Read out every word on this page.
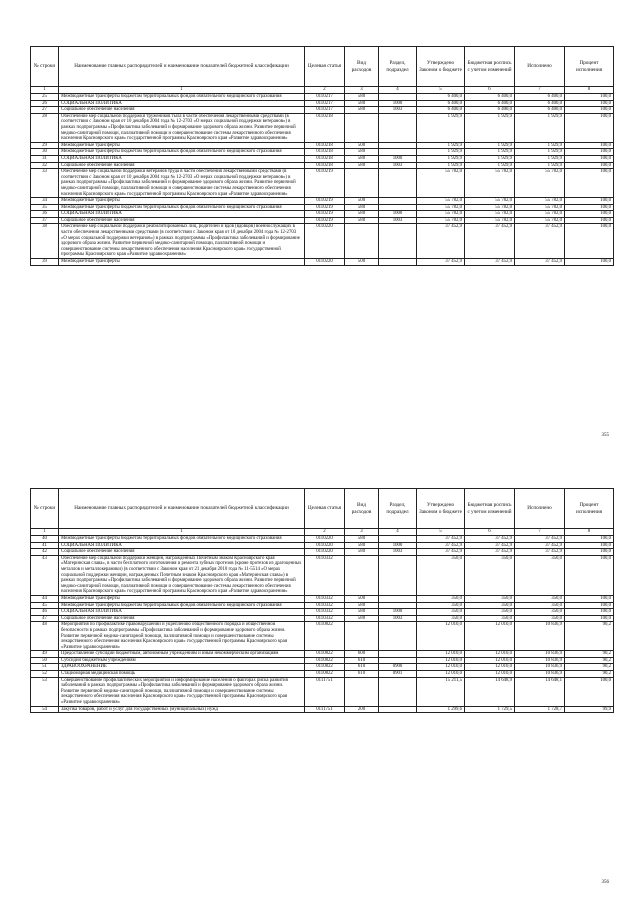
№ строки	Наименование главных распорядителей и наименование показателей бюджетной классификации	Целевая статья	Вид расходов	Раздел, подраздел	Утверждено Законом о бюджете	Бюджетная роспись с учетом изменений	Исполнено	Процент исполнения
1	1	2	3	4	5	6	7	8
25	Межбюджетные трансферты бюджетам территориальных фондов обязательного медицинского страхования	0110217	580		6 400,0	6 400,0	6 400,0	100,0
26	СОЦИАЛЬНАЯ ПОЛИТИКА	0110217	580	1000	6 400,0	6 400,0	6 400,0	100,0
27	Социальное обеспечение населения	0110217	580	1003	6 400,0	6 400,0	6 400,0	100,0
28	Обеспечение мер социальной поддержки тружеников тыла в части обеспечения лекарственными средствами (в соответствии с Законом края от 10 декабря 2004 года № 12-2703 «О мерах социальной поддержки ветеранов») в рамках подпрограммы «Профилактика заболеваний и формирование здорового образа жизни. Развитие первичной медико-санитарной помощи, паллиативной помощи и совершенствование системы лекарственного обеспечения населения Красноярского края» государственной программы Красноярского края «Развитие здравоохранения»	0110218			1 929,9	1 929,9	1 929,9	100,0
29	Межбюджетные трансферты	0110218	500		1 929,9	1 929,9	1 929,9	100,0
30	Межбюджетные трансферты бюджетам территориальных фондов обязательного медицинского страхования	0110218	580		1 929,9	1 929,9	1 929,9	100,0
31	СОЦИАЛЬНАЯ ПОЛИТИКА	0110218	580	1000	1 929,9	1 929,9	1 929,9	100,0
32	Социальное обеспечение населения	0110218	580	1003	1 929,9	1 929,9	1 929,9	100,0
33	Обеспечение мер социальной поддержки ветеранов труда в части обеспечения лекарственными средствами (в соответствии с Законом края от 10 декабря 2004 года № 12-2703 «О мерах социальной поддержки ветеранов») в рамках подпрограммы «Профилактика заболеваний и формирование здорового образа жизни. Развитие первичной медико-санитарной помощи, паллиативной помощи и совершенствование системы лекарственного обеспечения населения Красноярского края» государственной программы Красноярского края «Развитие здравоохранения»	0110219			55 782,0	55 782,0	55 782,0	100,0
34	Межбюджетные трансферты	0110219	500		55 782,0	55 782,0	55 782,0	100,0
35	Межбюджетные трансферты бюджетам территориальных фондов обязательного медицинского страхования	0110219	580		55 782,0	55 782,0	55 782,0	100,0
36	СОЦИАЛЬНАЯ ПОЛИТИКА	0110219	580	1000	55 782,0	55 782,0	55 782,0	100,0
37	Социальное обеспечение населения	0110219	580	1003	55 782,0	55 782,0	55 782,0	100,0
38	Обеспечение мер социальной поддержки реабилитированных лиц, родителей и вдов (вдовцов) военнослужащих в части обеспечения лекарственными средствами (в соответствии с Законом края от 10 декабря 2004 года № 12-2703 «О мерах социальной поддержки ветеранов») в рамках подпрограммы «Профилактика заболеваний и формирование здорового образа жизни. Развитие первичной медико-санитарной помощи, паллиативной помощи и совершенствование системы лекарственного обеспечения населения Красноярского края» государственной программы Красноярского края «Развитие здравоохранения»	0110220			37 452,9	37 452,9	37 452,9	100,0
39	Межбюджетные трансферты	0110220	500		37 452,9	37 452,9	37 452,9	100,0
355
№ строки	Наименование главных распорядителей и наименование показателей бюджетной классификации	Целевая статья	Вид расходов	Раздел, подраздел	Утверждено Законом о бюджете	Бюджетная роспись с учетом изменений	Исполнено	Процент исполнения
1	1	2	3	4	5	6	7	8
40	Межбюджетные трансферты бюджетам территориальных фондов обязательного медицинского страхования	0110220	580		37 452,9	37 452,9	37 452,9	100,0
41	СОЦИАЛЬНАЯ ПОЛИТИКА	0110220	580	1000	37 452,9	37 452,9	37 452,9	100,0
42	Социальное обеспечение населения	0110220	580	1003	37 452,9	37 452,9	37 452,9	100,0
43	Обеспечение мер социальной поддержки женщин, награжденных Почетным знаком Красноярского края «Материнская слава», в части бесплатного изготовления и ремонта зубных протезов (кроме протезов из драгоценных металлов и металлокерамики) (в соответствии с Законом края от 21 декабря 2010 года № 11-5514 «О мерах социальной поддержки женщин, награжденных Почетным знаком Красноярского края «Материнская слава») в рамках подпрограммы «Профилактика заболеваний и формирование здорового образа жизни. Развитие первичной медико-санитарной помощи, паллиативной помощи и совершенствование системы лекарственного обеспечения населения Красноярского края» государственной программы Красноярского края «Развитие здравоохранения»	0110332			350,0	350,0	350,0	100,0
44	Межбюджетные трансферты	0110332	500		350,0	350,0	350,0	100,0
45	Межбюджетные трансферты бюджетам территориальных фондов обязательного медицинского страхования	0110332	580		350,0	350,0	350,0	100,0
46	СОЦИАЛЬНАЯ ПОЛИТИКА	0110332	580	1000	350,0	350,0	350,0	100,0
47	Социальное обеспечение населения	0110332	580	1003	350,0	350,0	350,0	100,0
48	Мероприятия по профилактике правонарушений и укреплению общественного порядка и общественной безопасности в рамках подпрограммы «Профилактика заболеваний и формирование здорового образа жизни. Развитие первичной медико-санитарной помощи, паллиативной помощи и совершенствование системы лекарственного обеспечения населения Красноярского края» государственной программы Красноярского края «Развитие здравоохранения»	0110822			12 010,0	12 010,0	10 836,9	90,2
49	Предоставление субсидий бюджетным, автономным учреждениям и иным некоммерческим организациям	0110822	600		12 010,0	12 010,0	10 836,9	90,2
50	Субсидии бюджетным учреждениям	0110822	610		12 010,0	12 010,0	10 836,9	90,2
51	ЗДРАВООХРАНЕНИЕ	0110822	610	0900	12 010,0	12 010,0	10 836,9	90,2
52	Стационарная медицинская помощь	0110822	610	0901	12 010,0	12 010,0	10 836,9	90,2
53	Совершенствование профилактических мероприятий и информирование населения о факторах риска развития заболеваний в рамках подпрограммы «Профилактика заболеваний и формирование здорового образа жизни. Развитие первичной медико-санитарной помощи, паллиативной помощи и совершенствование системы лекарственного обеспечения населения Красноярского края» государственной программы Красноярского края «Развитие здравоохранения»	0111751			15 211,5	14 648,9	14 648,1	100,0
54	Закупка товаров, работ и услуг для государственных (муниципальных) нужд	0111751	200		1 299,6	1 729,5	1 728,7	99,9
356
